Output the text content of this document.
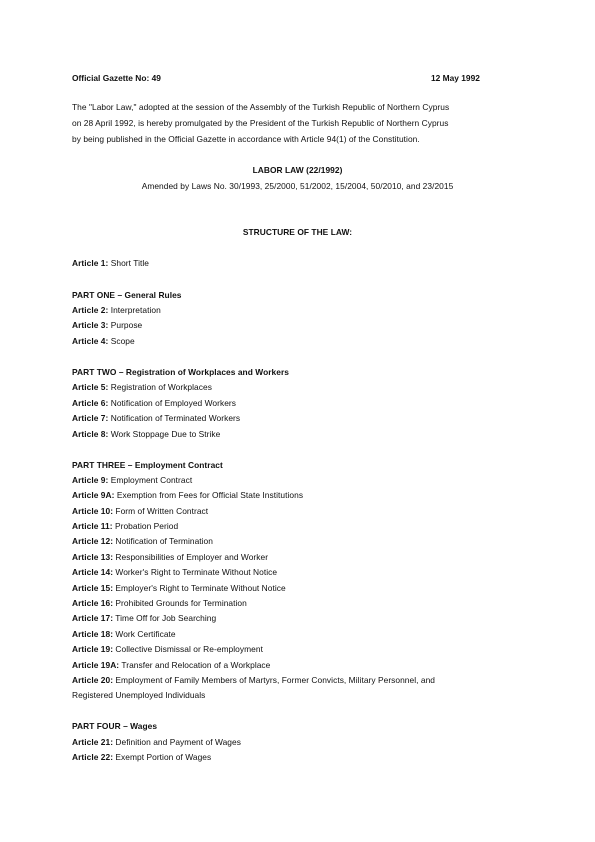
Official Gazette No: 49	12 May 1992
The "Labor Law," adopted at the session of the Assembly of the Turkish Republic of Northern Cyprus
on 28 April 1992, is hereby promulgated by the President of the Turkish Republic of Northern Cyprus
by being published in the Official Gazette in accordance with Article 94(1) of the Constitution.
LABOR LAW (22/1992)
Amended by Laws No. 30/1993, 25/2000, 51/2002, 15/2004, 50/2010, and 23/2015
STRUCTURE OF THE LAW:
Article 1: Short Title
PART ONE – General Rules
Article 2: Interpretation
Article 3: Purpose
Article 4: Scope
PART TWO – Registration of Workplaces and Workers
Article 5: Registration of Workplaces
Article 6: Notification of Employed Workers
Article 7: Notification of Terminated Workers
Article 8: Work Stoppage Due to Strike
PART THREE – Employment Contract
Article 9: Employment Contract
Article 9A: Exemption from Fees for Official State Institutions
Article 10: Form of Written Contract
Article 11: Probation Period
Article 12: Notification of Termination
Article 13: Responsibilities of Employer and Worker
Article 14: Worker's Right to Terminate Without Notice
Article 15: Employer's Right to Terminate Without Notice
Article 16: Prohibited Grounds for Termination
Article 17: Time Off for Job Searching
Article 18: Work Certificate
Article 19: Collective Dismissal or Re-employment
Article 19A: Transfer and Relocation of a Workplace
Article 20: Employment of Family Members of Martyrs, Former Convicts, Military Personnel, and
Registered Unemployed Individuals
PART FOUR – Wages
Article 21: Definition and Payment of Wages
Article 22: Exempt Portion of Wages
